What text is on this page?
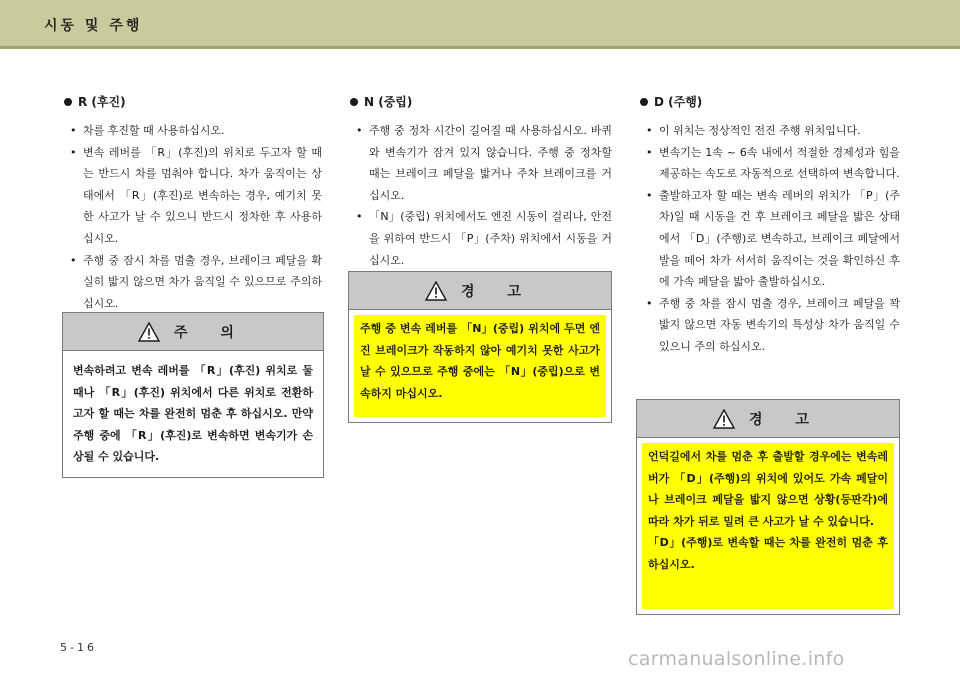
시동 및 주행
R (후진)
• 차를 후진할 때 사용하십시오.
• 변속 레버를 「R」(후진)의 위치로 두고자 할 때는 반드시 차를 멈춰야 합니다. 차가 움직이는 상태에서 「R」(후진)로 변속하는 경우, 예기치 못한 사고가 날 수 있으니 반드시 정차한 후 사용하십시오.
• 주행 중 잠시 차를 멈출 경우, 브레이크 페달을 확실히 밟지 않으면 차가 움직일 수 있으므로 주의하십시오.
주 의
변속하려고 변속 레버를 「R」(후진) 위치로 둘 때나 「R」(후진) 위치에서 다른 위치로 전환하고자 할 때는 차를 완전히 멈춘 후 하십시오. 만약 주행 중에 「R」(후진)로 변속하면 변속기가 손상될 수 있습니다.
N (중립)
• 주행 중 정차 시간이 길어질 때 사용하십시오. 바퀴와 변속기가 잠겨 있지 않습니다. 주행 중 정차할 때는 브레이크 페달을 밟거나 주차 브레이크를 거십시오.
• 「N」(중립) 위치에서도 엔진 시동이 걸리나, 안전을 위하여 반드시 「P」(주차) 위치에서 시동을 거십시오.
경 고
주행 중 변속 레버를 「N」(중립) 위치에 두면 엔진 브레이크가 작동하지 않아 예기치 못한 사고가 날 수 있으므로 주행 중에는 「N」(중립)으로 변속하지 마십시오.
D (주행)
• 이 위치는 정상적인 전진 주행 위치입니다.
• 변속기는 1속 ~ 6속 내에서 적절한 경제성과 힘을 제공하는 속도로 자동적으로 선택하여 변속합니다.
• 출발하고자 할 때는 변속 레버의 위치가 「P」(주차)일 때 시동을 건 후 브레이크 페달을 밟은 상태에서 「D」(주행)로 변속하고, 브레이크 페달에서 발을 떼어 차가 서서히 움직이는 것을 확인하신 후에 가속 페달을 밟아 출발하십시오.
• 주행 중 차를 잠시 멈출 경우, 브레이크 페달을 꽉 밟지 않으면 자동 변속기의 특성상 차가 움직일 수 있으니 주의 하십시오.
경 고
언덕길에서 차를 멈춘 후 출발할 경우에는 변속레버가 「D」(주행)의 위치에 있어도 가속 페달이나 브레이크 페달을 밟지 않으면 상황(등판각)에 따라 차가 뒤로 밀려 큰 사고가 날 수 있습니다.
「D」(주행)로 변속할 때는 차를 완전히 멈춘 후 하십시오.
5-16
carmanualsonline.info
